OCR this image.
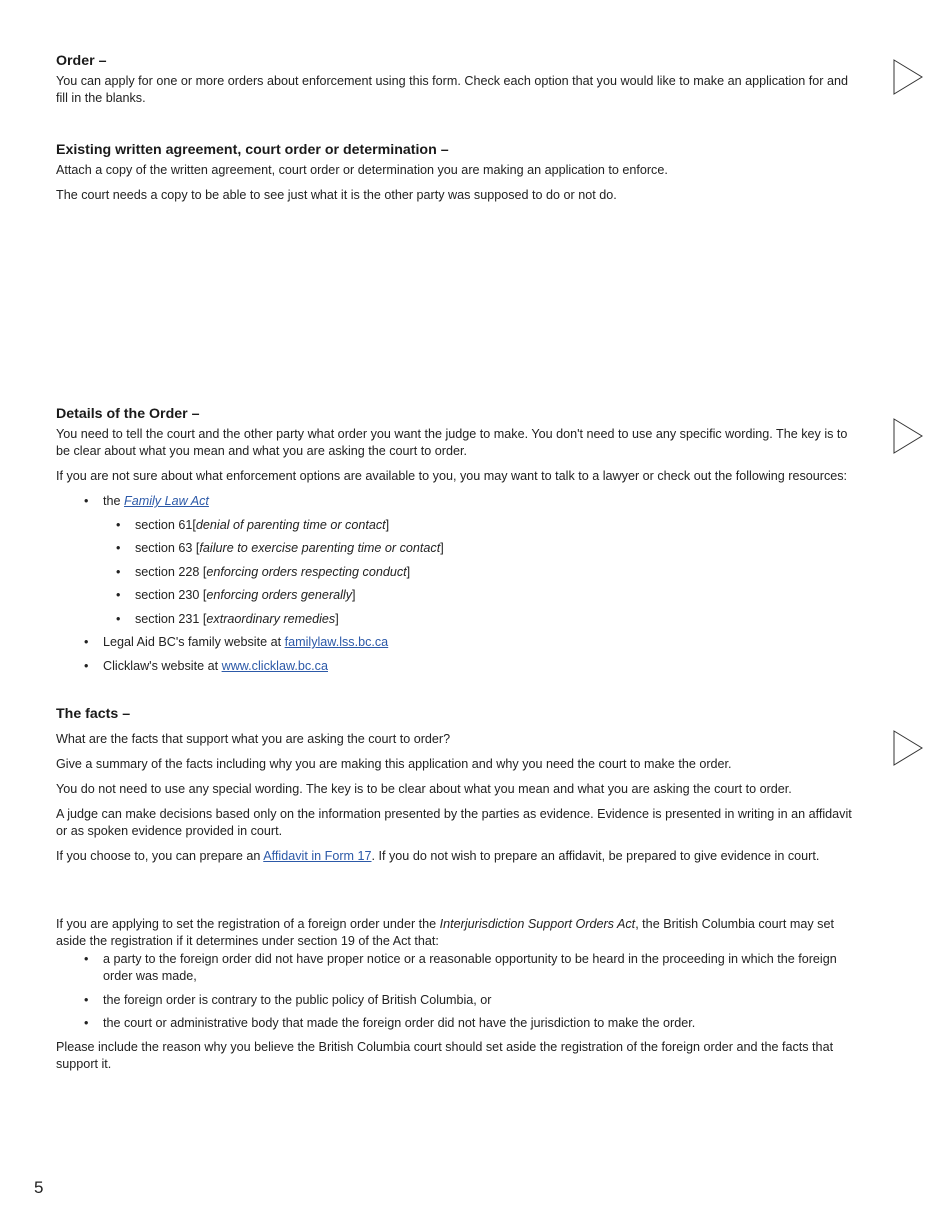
Order –

You can apply for one or more orders about enforcement using this form. Check each option that you would like to make an application for and fill in the blanks.

Existing written agreement, court order or determination –

Attach a copy of the written agreement, court order or determination you are making an application to enforce.

The court needs a copy to be able to see just what it is the other party was supposed to do or not do.

Details of the Order –

You need to tell the court and the other party what order you want the judge to make. You don't need to use any specific wording. The key is to be clear about what you mean and what you are asking the court to order.

If you are not sure about what enforcement options are available to you, you may want to talk to a lawyer or check out the following resources:

• the Family Law Act
• section 61[denial of parenting time or contact]
• section 63 [failure to exercise parenting time or contact]
• section 228 [enforcing orders respecting conduct]
• section 230 [enforcing orders generally]
• section 231 [extraordinary remedies]
• Legal Aid BC's family website at familylaw.lss.bc.ca
• Clicklaw's website at www.clicklaw.bc.ca
The facts –

What are the facts that support what you are asking the court to order?

Give a summary of the facts including why you are making this application and why you need the court to make the order.

You do not need to use any special wording. The key is to be clear about what you mean and what you are asking the court to order.

A judge can make decisions based only on the information presented by the parties as evidence. Evidence is presented in writing in an affidavit or as spoken evidence provided in court.

If you choose to, you can prepare an Affidavit in Form 17. If you do not wish to prepare an affidavit, be prepared to give evidence in court.

If you are applying to set the registration of a foreign order under the Interjurisdiction Support Orders Act, the British Columbia court may set aside the registration if it determines under section 19 of the Act that:

• a party to the foreign order did not have proper notice or a reasonable opportunity to be heard in the proceeding in which the foreign order was made,
• the foreign order is contrary to the public policy of British Columbia, or
• the court or administrative body that made the foreign order did not have the jurisdiction to make the order.

Please include the reason why you believe the British Columbia court should set aside the registration of the foreign order and the facts that support it.

5
